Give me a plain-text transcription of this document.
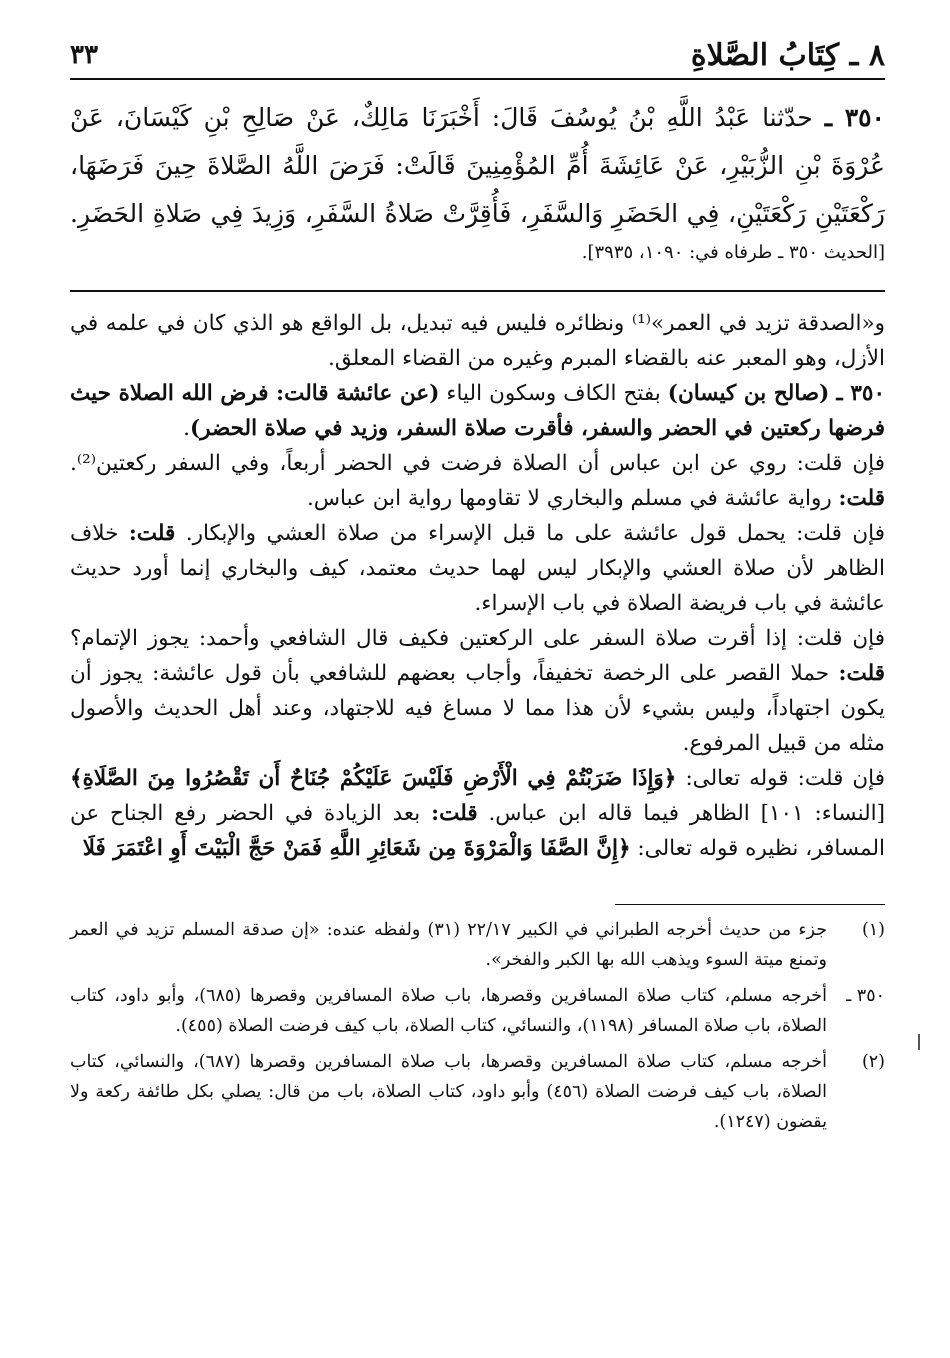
٨ ـ كِتَابُ الصَّلاةِ
٣٣
٣٥٠ ـ حدّثنا عَبْدُ اللَّهِ بْنُ يُوسُفَ قَالَ: أَخْبَرَنَا مَالِكٌ، عَنْ صَالِحِ بْنِ كَيْسَانَ، عَنْ عُرْوَةَ بْنِ الزُّبَيْرِ، عَنْ عَائِشَةَ أُمِّ المُؤْمِنِينَ قَالَتْ: فَرَضَ اللَّهُ الصَّلاةَ حِينَ فَرَضَهَا، رَكْعَتَيْنِ رَكْعَتَيْنِ، فِي الحَضَرِ وَالسَّفَرِ، فَأُقِرَّتْ صَلاةُ السَّفَرِ، وَزِيدَ فِي صَلاةِ الحَضَرِ.
[الحديث ٣٥٠ ـ طرفاه في: ١٠٩٠، ٣٩٣٥].

و«الصدقة تزيد في العمر»⁽¹⁾ ونظائره فليس فيه تبديل، بل الواقع هو الذي كان في علمه في الأزل، وهو المعبر عنه بالقضاء المبرم وغيره من القضاء المعلق.

٣٥٠ ـ (صالح بن كيسان) بفتح الكاف وسكون الياء (عن عائشة قالت: فرض الله الصلاة حيث فرضها ركعتين في الحضر والسفر، فأقرت صلاة السفر، وزيد في صلاة الحضر).

فإن قلت: روي عن ابن عباس أن الصلاة فرضت في الحضر أربعاً، وفي السفر ركعتين⁽²⁾. قلت: رواية عائشة في مسلم والبخاري لا تقاومها رواية ابن عباس.

فإن قلت: يحمل قول عائشة على ما قبل الإسراء من صلاة العشي والإبكار. قلت: خلاف الظاهر لأن صلاة العشي والإبكار ليس لهما حديث معتمد، كيف والبخاري إنما أورد حديث عائشة في باب فريضة الصلاة في باب الإسراء.

فإن قلت: إذا أقرت صلاة السفر على الركعتين فكيف قال الشافعي وأحمد: يجوز الإتمام؟ قلت: حملا القصر على الرخصة تخفيفاً، وأجاب بعضهم للشافعي بأن قول عائشة: يجوز أن يكون اجتهاداً، وليس بشيء لأن هذا مما لا مساغ فيه للاجتهاد، وعند أهل الحديث والأصول مثله من قبيل المرفوع.

فإن قلت: قوله تعالى: ﴿وَإِذَا ضَرَبْتُمْ فِي الْأَرْضِ فَلَيْسَ عَلَيْكُمْ جُنَاحٌ أَن تَقْصُرُوا مِنَ الصَّلَاةِ﴾ [النساء: ١٠١] الظاهر فيما قاله ابن عباس. قلت: بعد الزيادة في الحضر رفع الجناح عن المسافر، نظيره قوله تعالى: ﴿إِنَّ الصَّفَا وَالْمَرْوَةَ مِن شَعَائِرِ اللَّهِ فَمَنْ حَجَّ الْبَيْتَ أَوِ اعْتَمَرَ فَلَا

(١)
جزء من حديث أخرجه الطبراني في الكبير ٢٢/١٧ (٣١) ولفظه عنده: «إن صدقة المسلم تزيد في العمر وتمنع ميتة السوء ويذهب الله بها الكبر والفخر».
٣٥٠ ـ
أخرجه مسلم، كتاب صلاة المسافرين وقصرها، باب صلاة المسافرين وقصرها (٦٨٥)، وأبو داود، كتاب الصلاة، باب صلاة المسافر (١١٩٨)، والنسائي، كتاب الصلاة، باب كيف فرضت الصلاة (٤٥٥).
(٢)
أخرجه مسلم، كتاب صلاة المسافرين وقصرها، باب صلاة المسافرين وقصرها (٦٨٧)، والنسائي، كتاب الصلاة، باب كيف فرضت الصلاة (٤٥٦) وأبو داود، كتاب الصلاة، باب من قال: يصلي بكل طائفة ركعة ولا يقضون (١٢٤٧).
